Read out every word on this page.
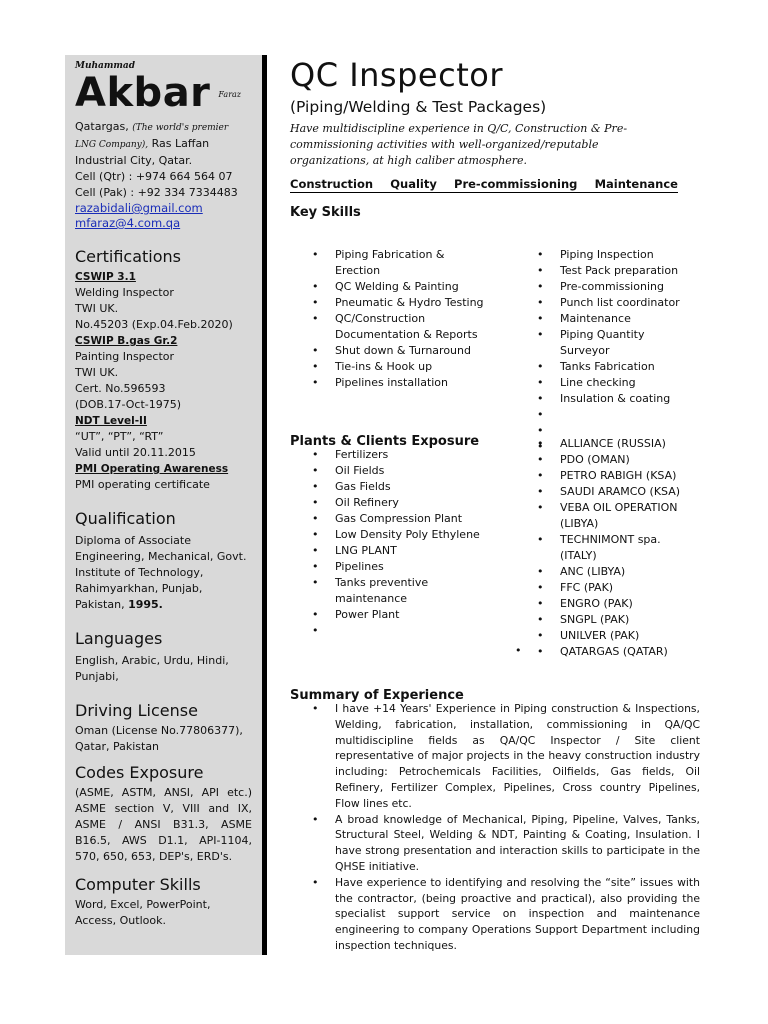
Muhammad
Akbar Faraz
Qatargas, (The world's premier LNG Company), Ras Laffan Industrial City, Qatar.
Cell (Qtr) : +974 664 564 07
Cell (Pak) : +92 334 7334483
razabidali@gmail.com
mfaraz@4.com.qa
Certifications
CSWIP 3.1
Welding Inspector
TWI UK.
No.45203 (Exp.04.Feb.2020)
CSWIP B.gas Gr.2
Painting Inspector
TWI UK.
Cert. No.596593
(DOB.17-Oct-1975)
NDT Level-II
“UT”, “PT”, “RT”
Valid until 20.11.2015
PMI Operating Awareness
PMI operating certificate
Qualification
Diploma of Associate Engineering, Mechanical, Govt. Institute of Technology, Rahimyarkhan, Punjab, Pakistan, 1995.
Languages
English, Arabic, Urdu, Hindi, Punjabi,
Driving License
Oman (License No.77806377), Qatar, Pakistan
Codes Exposure
(ASME, ASTM, ANSI, API etc.) ASME section V, VIII and IX, ASME / ANSI B31.3, ASME B16.5, AWS D1.1, API-1104, 570, 650, 653, DEP's, ERD's.
Computer Skills
Word, Excel, PowerPoint, Access, Outlook.
QC Inspector
(Piping/Welding & Test Packages)
Have multidiscipline experience in Q/C, Construction & Pre-commissioning activities with well-organized/reputable organizations, at high caliber atmosphere.
Construction Quality Pre-commissioning Maintenance
Key Skills
• Piping Fabrication & Erection
• QC Welding & Painting
• Pneumatic & Hydro Testing
• QC/Construction Documentation & Reports
• Shut down & Turnaround
• Tie-ins & Hook up
• Pipelines installation
• Piping Inspection
• Test Pack preparation
• Pre-commissioning
• Punch list coordinator
• Maintenance
• Piping Quantity Surveyor
• Tanks Fabrication
• Line checking
• Insulation & coating
•
•
•
Plants & Clients Exposure
• Fertilizers
• Oil Fields
• Gas Fields
• Oil Refinery
• Gas Compression Plant
• Low Density Poly Ethylene
• LNG PLANT
• Pipelines
• Tanks preventive maintenance
• Power Plant
•
• ALLIANCE (RUSSIA)
• PDO (OMAN)
• PETRO RABIGH (KSA)
• SAUDI ARAMCO (KSA)
• VEBA OIL OPERATION (LIBYA)
• TECHNIMONT spa. (ITALY)
• ANC (LIBYA)
• FFC (PAK)
• ENGRO (PAK)
• SNGPL (PAK)
• UNILVER (PAK)
• QATARGAS (QATAR)
•
Summary of Experience
• I have +14 Years' Experience in Piping construction & Inspections, Welding, fabrication, installation, commissioning in QA/QC multidiscipline fields as QA/QC Inspector / Site client representative of major projects in the heavy construction industry including: Petrochemicals Facilities, Oilfields, Gas fields, Oil Refinery, Fertilizer Complex, Pipelines, Cross country Pipelines, Flow lines etc.
• A broad knowledge of Mechanical, Piping, Pipeline, Valves, Tanks, Structural Steel, Welding & NDT, Painting & Coating, Insulation. I have strong presentation and interaction skills to participate in the QHSE initiative.
• Have experience to identifying and resolving the “site” issues with the contractor, (being proactive and practical), also providing the specialist support service on inspection and maintenance engineering to company Operations Support Department including inspection techniques.
